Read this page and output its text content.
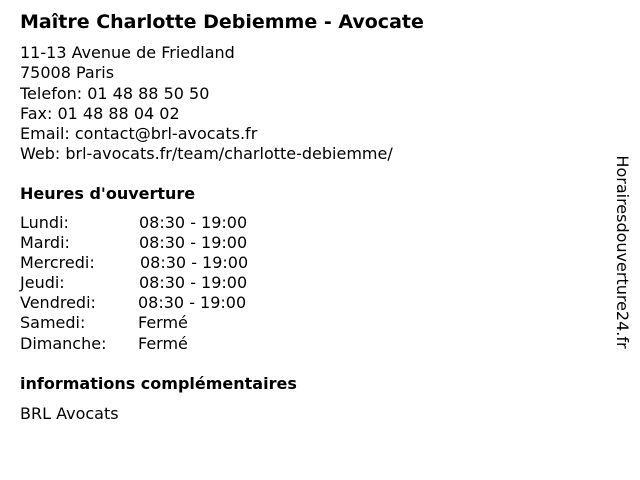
Maître Charlotte Debiemme - Avocate
11-13 Avenue de Friedland
75008 Paris
Telefon: 01 48 88 50 50
Fax: 01 48 88 04 02
Email: contact@brl-avocats.fr
Web: brl-avocats.fr/team/charlotte-debiemme/
Heures d'ouverture
Lundi:	08:30 - 19:00
Mardi:	08:30 - 19:00
Mercredi:	08:30 - 19:00
Jeudi:	08:30 - 19:00
Vendredi:	08:30 - 19:00
Samedi:	Fermé
Dimanche: Fermé
informations complémentaires
BRL Avocats
Horairesdouverture24.fr
